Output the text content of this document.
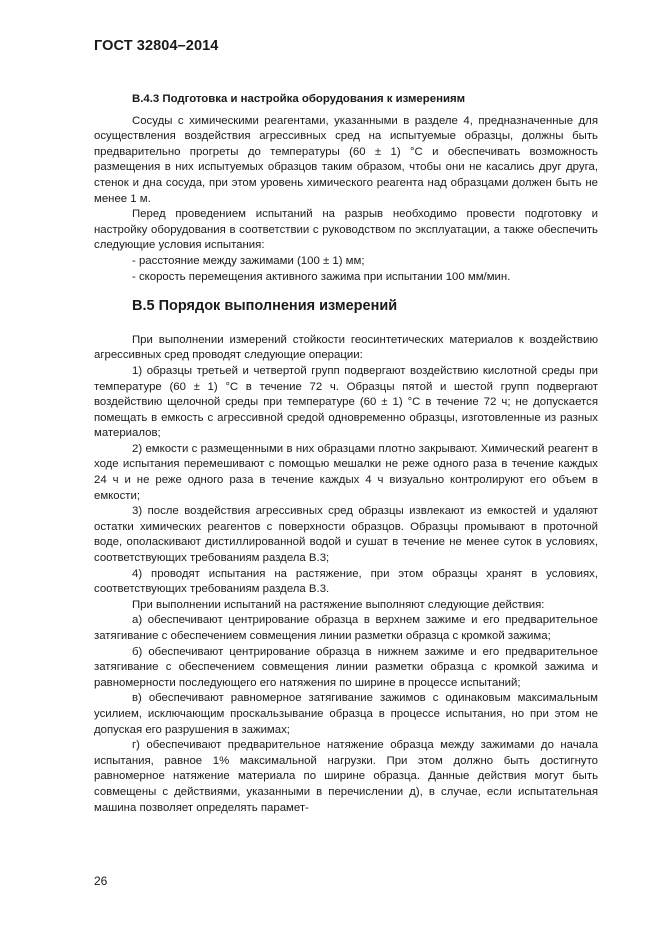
ГОСТ 32804–2014
В.4.3 Подготовка и настройка оборудования к измерениям

Сосуды с химическими реагентами, указанными в разделе 4, предназначенные для осуществления воздействия агрессивных сред на испытуемые образцы, должны быть предварительно прогреты до температуры (60 ± 1) °C и обеспечивать возможность размещения в них испытуемых образцов таким образом, чтобы они не касались друг друга, стенок и дна сосуда, при этом уровень химического реагента над образцами должен быть не менее 1 м.

Перед проведением испытаний на разрыв необходимо провести подготовку и настройку оборудования в соответствии с руководством по эксплуатации, а также обеспечить следующие условия испытания:

- расстояние между зажимами (100 ± 1) мм;

- скорость перемещения активного зажима при испытании 100 мм/мин.

В.5 Порядок выполнения измерений

При выполнении измерений стойкости геосинтетических материалов к воздействию агрессивных сред проводят следующие операции:

1) образцы третьей и четвертой групп подвергают воздействию кислотной среды при температуре (60 ± 1) °C в течение 72 ч. Образцы пятой и шестой групп подвергают воздействию щелочной среды при температуре (60 ± 1) °C в течение 72 ч; не допускается помещать в емкость с агрессивной средой одновременно образцы, изготовленные из разных материалов;

2) емкости с размещенными в них образцами плотно закрывают. Химический реагент в ходе испытания перемешивают с помощью мешалки не реже одного раза в течение каждых 24 ч и не реже одного раза в течение каждых 4 ч визуально контролируют его объем в емкости;

3) после воздействия агрессивных сред образцы извлекают из емкостей и удаляют остатки химических реагентов с поверхности образцов. Образцы промывают в проточной воде, ополаскивают дистиллированной водой и сушат в течение не менее суток в условиях, соответствующих требованиям раздела В.3;

4) проводят испытания на растяжение, при этом образцы хранят в условиях, соответствующих требованиям раздела В.3.

При выполнении испытаний на растяжение выполняют следующие действия:

а) обеспечивают центрирование образца в верхнем зажиме и его предварительное затягивание с обеспечением совмещения линии разметки образца с кромкой зажима;

б) обеспечивают центрирование образца в нижнем зажиме и его предварительное затягивание с обеспечением совмещения линии разметки образца с кромкой зажима и равномерности последующего его натяжения по ширине в процессе испытаний;

в) обеспечивают равномерное затягивание зажимов с одинаковым максимальным усилием, исключающим проскальзывание образца в процессе испытания, но при этом не допуская его разрушения в зажимах;

г) обеспечивают предварительное натяжение образца между зажимами до начала испытания, равное 1% максимальной нагрузки. При этом должно быть достигнуто равномерное натяжение материала по ширине образца. Данные действия могут быть совмещены с действиями, указанными в перечислении д), в случае, если испытательная машина позволяет определять парамет-

26
